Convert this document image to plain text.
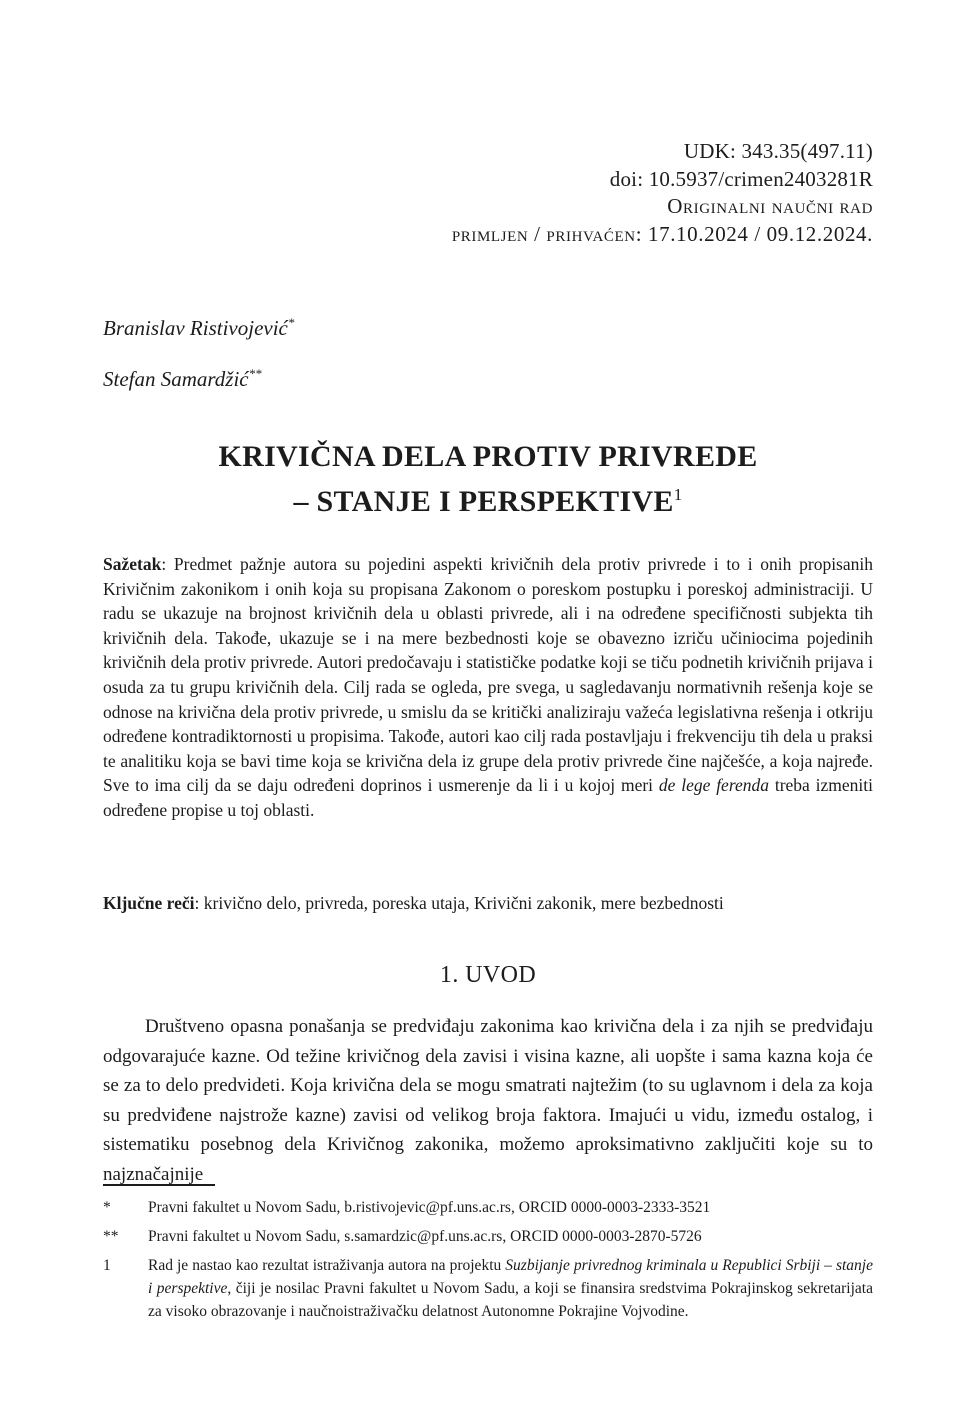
UDK: 343.35(497.11)
doi: 10.5937/crimen2403281R
Originalni naučni rad
primljen / prihvaćen: 17.10.2024 / 09.12.2024.
Branislav Ristivojević*
Stefan Samardžić**
KRIVIČNA DELA PROTIV PRIVREDE
– STANJE I PERSPEKTIVE$^1$
Sažetak: Predmet pažnje autora su pojedini aspekti krivičnih dela protiv privrede i to i onih propisanih Krivičnim zakonikom i onih koja su propisana Zakonom o poreskom postupku i poreskoj administraciji. U radu se ukazuje na brojnost krivičnih dela u oblasti privrede, ali i na određene specifičnosti subjekta tih krivičnih dela. Takođe, ukazuje se i na mere bezbednosti koje se obavezno izriču učiniocima pojedinih krivičnih dela protiv privrede. Autori predočavaju i statističke podatke koji se tiču podnetih krivičnih prijava i osuda za tu grupu krivičnih dela. Cilj rada se ogleda, pre svega, u sagledavanju normativnih rešenja koje se odnose na krivična dela protiv privrede, u smislu da se kritički analiziraju važeća legislativna rešenja i otkriju određene kontradiktornosti u propisima. Takođe, autori kao cilj rada postavljaju i frekvenciju tih dela u praksi te analitiku koja se bavi time koja se krivična dela iz grupe dela protiv privrede čine najčešće, a koja najređe. Sve to ima cilj da se daju određeni doprinos i usmerenje da li i u kojoj meri de lege ferenda treba izmeniti određene propise u toj oblasti.
Ključne reči: krivično delo, privreda, poreska utaja, Krivični zakonik, mere bezbednosti
1. UVOD
Društveno opasna ponašanja se predviđaju zakonima kao krivična dela i za njih se predviđaju odgovarajuće kazne. Od težine krivičnog dela zavisi i visina kazne, ali uopšte i sama kazna koja će se za to delo predvideti. Koja krivična dela se mogu smatrati najtežim (to su uglavnom i dela za koja su predviđene najstrože kazne) zavisi od velikog broja faktora. Imajući u vidu, između ostalog, i sistematiku posebnog dela Krivičnog zakonika, možemo aproksimativno zaključiti koje su to najznačajnije
* Pravni fakultet u Novom Sadu, b.ristivojevic@pf.uns.ac.rs, ORCID 0000-0003-2333-3521
** Pravni fakultet u Novom Sadu, s.samardzic@pf.uns.ac.rs, ORCID 0000-0003-2870-5726
1 Rad je nastao kao rezultat istraživanja autora na projektu Suzbijanje privrednog kriminala u Republici Srbiji – stanje i perspektive, čiji je nosilac Pravni fakultet u Novom Sadu, a koji se finansira sredstvima Pokrajinskog sekretarijata za visoko obrazovanje i naučnoistraživačku delatnost Autonomne Pokrajine Vojvodine.
